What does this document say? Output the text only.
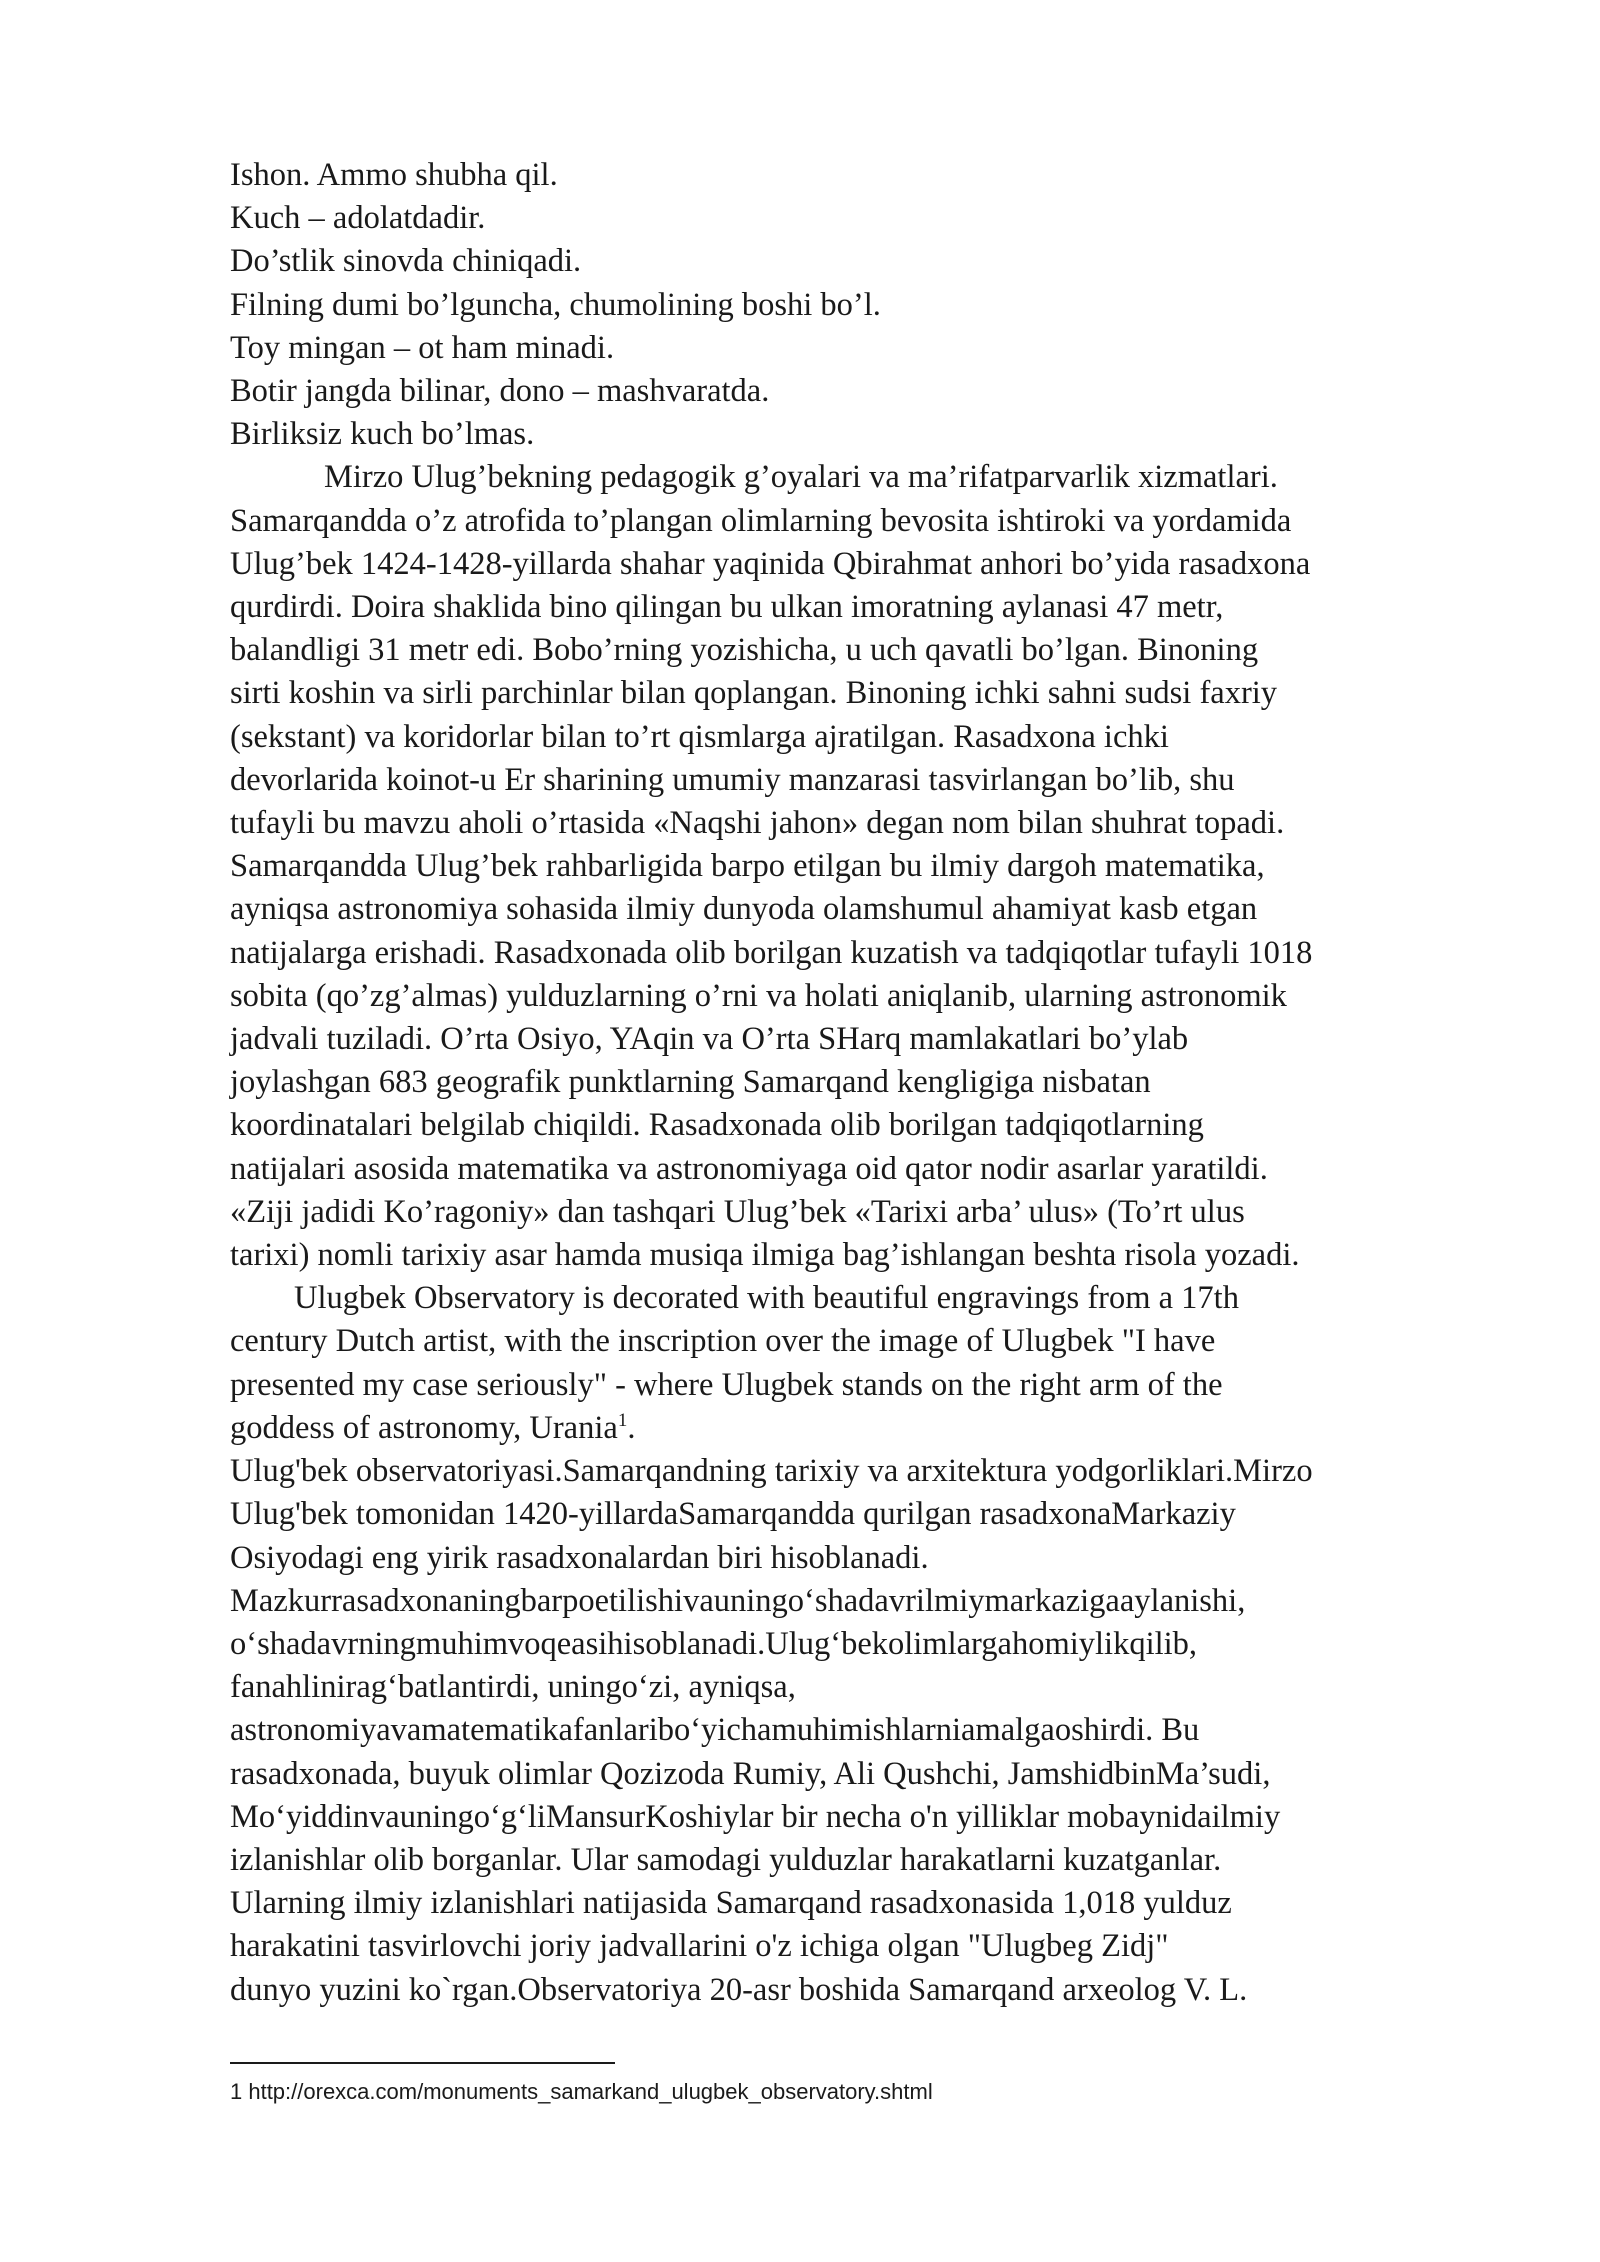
Ishon. Ammo shubha qil.
Kuch – adolatdadir.
Do’stlik sinovda chiniqadi.
Filning dumi bo’lguncha, chumolining boshi bo’l.
Toy mingan – ot ham minadi.
Botir jangda bilinar, dono – mashvaratda.
Birliksiz kuch bo’lmas.
Mirzo Ulug’bekning pedagogik g’oyalari va ma’rifatparvarlik xizmatlari.
Samarqandda o’z atrofida to’plangan olimlarning bevosita ishtiroki va yordamida
Ulug’bek 1424-1428-yillarda shahar yaqinida Qbirahmat anhori bo’yida rasadxona
qurdirdi. Doira shaklida bino qilingan bu ulkan imoratning aylanasi 47 metr,
balandligi 31 metr edi. Bobo’rning yozishicha, u uch qavatli bo’lgan. Binoning
sirti koshin va sirli parchinlar bilan qoplangan. Binoning ichki sahni sudsi faxriy
(sekstant) va koridorlar bilan to’rt qismlarga ajratilgan. Rasadxona ichki
devorlarida koinot-u Er sharining umumiy manzarasi tasvirlangan bo’lib, shu
tufayli bu mavzu aholi o’rtasida «Naqshi jahon» degan nom bilan shuhrat topadi.
Samarqandda Ulug’bek rahbarligida barpo etilgan bu ilmiy dargoh matematika,
ayniqsa astronomiya sohasida ilmiy dunyoda olamshumul ahamiyat kasb etgan
natijalarga erishadi. Rasadxonada olib borilgan kuzatish va tadqiqotlar tufayli 1018
sobita (qo’zg’almas) yulduzlarning o’rni va holati aniqlanib, ularning astronomik
jadvali tuziladi. O’rta Osiyo, YAqin va O’rta SHarq mamlakatlari bo’ylab
joylashgan 683 geografik punktlarning Samarqand kengligiga nisbatan
koordinatalari belgilab chiqildi. Rasadxonada olib borilgan tadqiqotlarning
natijalari asosida matematika va astronomiyaga oid qator nodir asarlar yaratildi.
«Ziji jadidi Ko’ragoniy» dan tashqari Ulug’bek «Tarixi arba’ ulus» (To’rt ulus
tarixi) nomli tarixiy asar hamda musiqa ilmiga bag’ishlangan beshta risola yozadi.
Ulugbek Observatory is decorated with beautiful engravings from a 17th
century Dutch artist, with the inscription over the image of Ulugbek "I have
presented my case seriously" - where Ulugbek stands on the right arm of the
goddess of astronomy, Urania$^1$.
Ulug'bek observatoriyasi.Samarqandning tarixiy va arxitektura yodgorliklari.Mirzo
Ulug'bek tomonidan 1420-yillardaSamarqandda qurilgan rasadxonaMarkaziy
Osiyodagi eng yirik rasadxonalardan biri hisoblanadi.
Mazkurrasadxonaningbarpoetilishivauningo‘shadavrilmiymarkazigaaylanishi,
o‘shadavrningmuhimvoqeasihisoblanadi.Ulug‘bekolimlargahomiylikqilib,
fanahlinirag‘batlantirdi, uningo‘zi, ayniqsa,
astronomiyavamatematikafanlaribo‘yichamuhimishlarniamalgaoshirdi. Bu
rasadxonada, buyuk olimlar Qozizoda Rumiy, Ali Qushchi, JamshidbinMa’sudi,
Mo‘yiddinvauningo‘g‘liMansurKoshiylar bir necha o'n yilliklar mobaynidailmiy
izlanishlar olib borganlar. Ular samodagi yulduzlar harakatlarni kuzatganlar.
Ularning ilmiy izlanishlari natijasida Samarqand rasadxonasida 1,018 yulduz
harakatini tasvirlovchi joriy jadvallarini o'z ichiga olgan "Ulugbeg Zidj"
dunyo yuzini ko`rgan.Observatoriya 20-asr boshida Samarqand arxeolog V. L.
1 http://orexca.com/monuments_samarkand_ulugbek_observatory.shtml
